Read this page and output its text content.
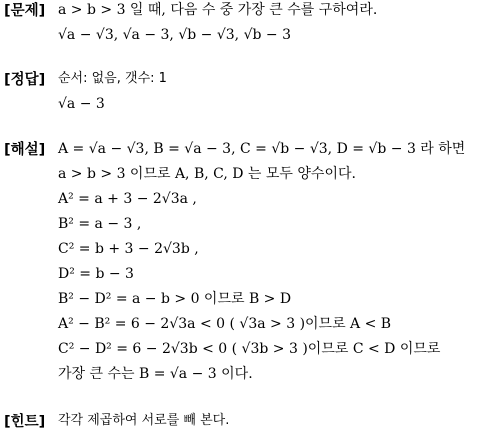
[문제] a > b > 3 일 때, 다음 수 중 가장 큰 수를 구하여라.
√a − √3, √a − 3, √b − √3, √b − 3
[정답] 순서: 없음, 갯수: 1
√a − 3
[해설] A = √a − √3, B = √a − 3, C = √b − √3, D = √b − 3 라 하면
a > b > 3 이므로 A, B, C, D 는 모두 양수이다.
A² = a + 3 − 2√3a ,
B² = a − 3 ,
C² = b + 3 − 2√3b ,
D² = b − 3
B² − D² = a − b > 0 이므로 B > D
A² − B² = 6 − 2√3a < 0 ( √3a > 3 )이므로 A < B
C² − D² = 6 − 2√3b < 0 ( √3b > 3 )이므로 C < D 이므로
가장 큰 수는 B = √a − 3 이다.
[힌트] 각각 제곱하여 서로를 빼 본다.
